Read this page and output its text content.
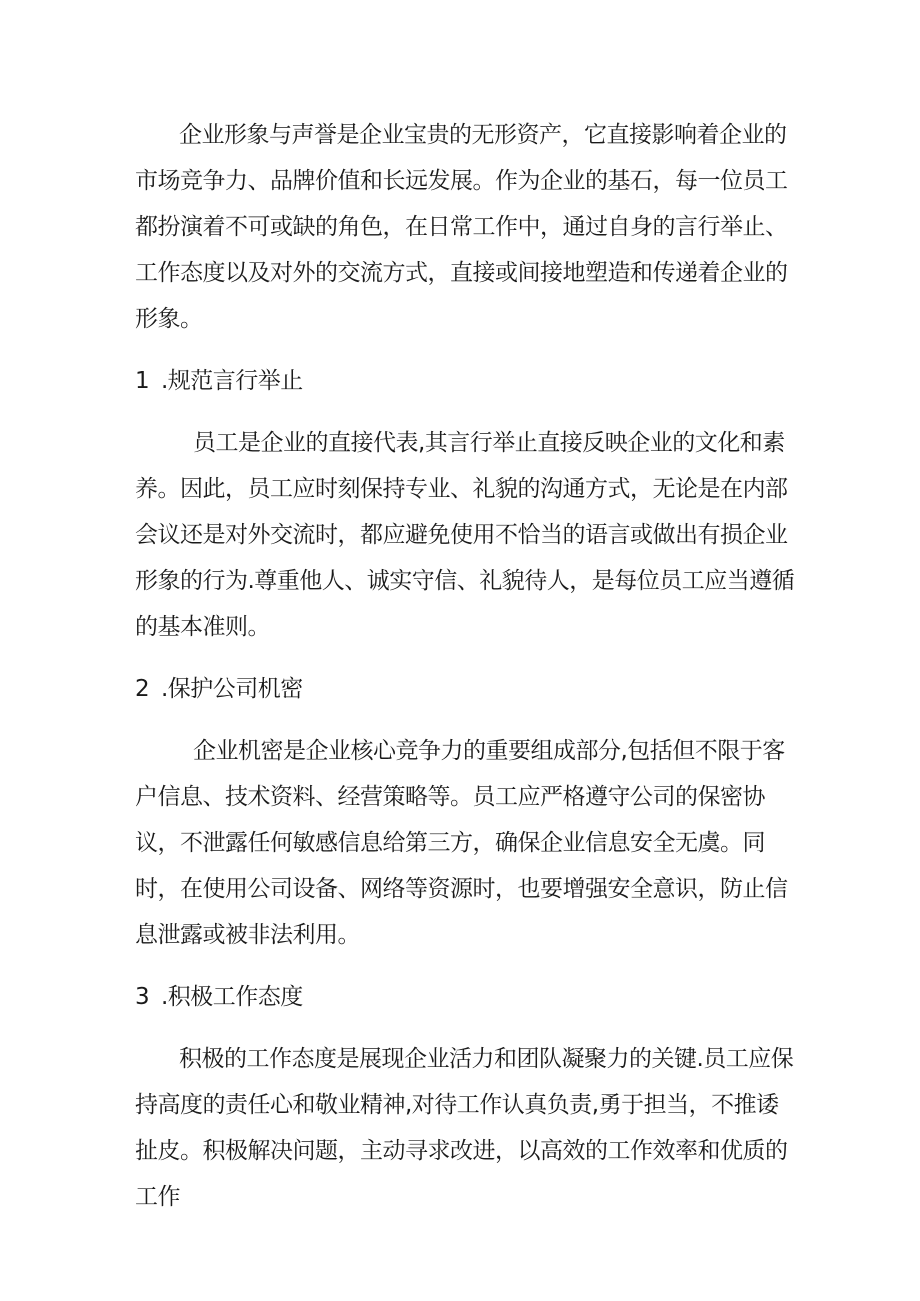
企业形象与声誉是企业宝贵的无形资产，它直接影响着企业的市场竞争力、品牌价值和长远发展。作为企业的基石，每一位员工都扮演着不可或缺的角色，在日常工作中，通过自身的言行举止、工作态度以及对外的交流方式，直接或间接地塑造和传递着企业的形象。

1 .规范言行举止

员工是企业的直接代表,其言行举止直接反映企业的文化和素养。因此，员工应时刻保持专业、礼貌的沟通方式，无论是在内部会议还是对外交流时，都应避免使用不恰当的语言或做出有损企业形象的行为.尊重他人、诚实守信、礼貌待人，是每位员工应当遵循的基本准则。

2 .保护公司机密

企业机密是企业核心竞争力的重要组成部分,包括但不限于客户信息、技术资料、经营策略等。员工应严格遵守公司的保密协议，不泄露任何敏感信息给第三方，确保企业信息安全无虞。同时，在使用公司设备、网络等资源时，也要增强安全意识，防止信息泄露或被非法利用。

3 .积极工作态度

积极的工作态度是展现企业活力和团队凝聚力的关键.员工应保持高度的责任心和敬业精神,对待工作认真负责,勇于担当，不推诿扯皮。积极解决问题，主动寻求改进，以高效的工作效率和优质的工作
